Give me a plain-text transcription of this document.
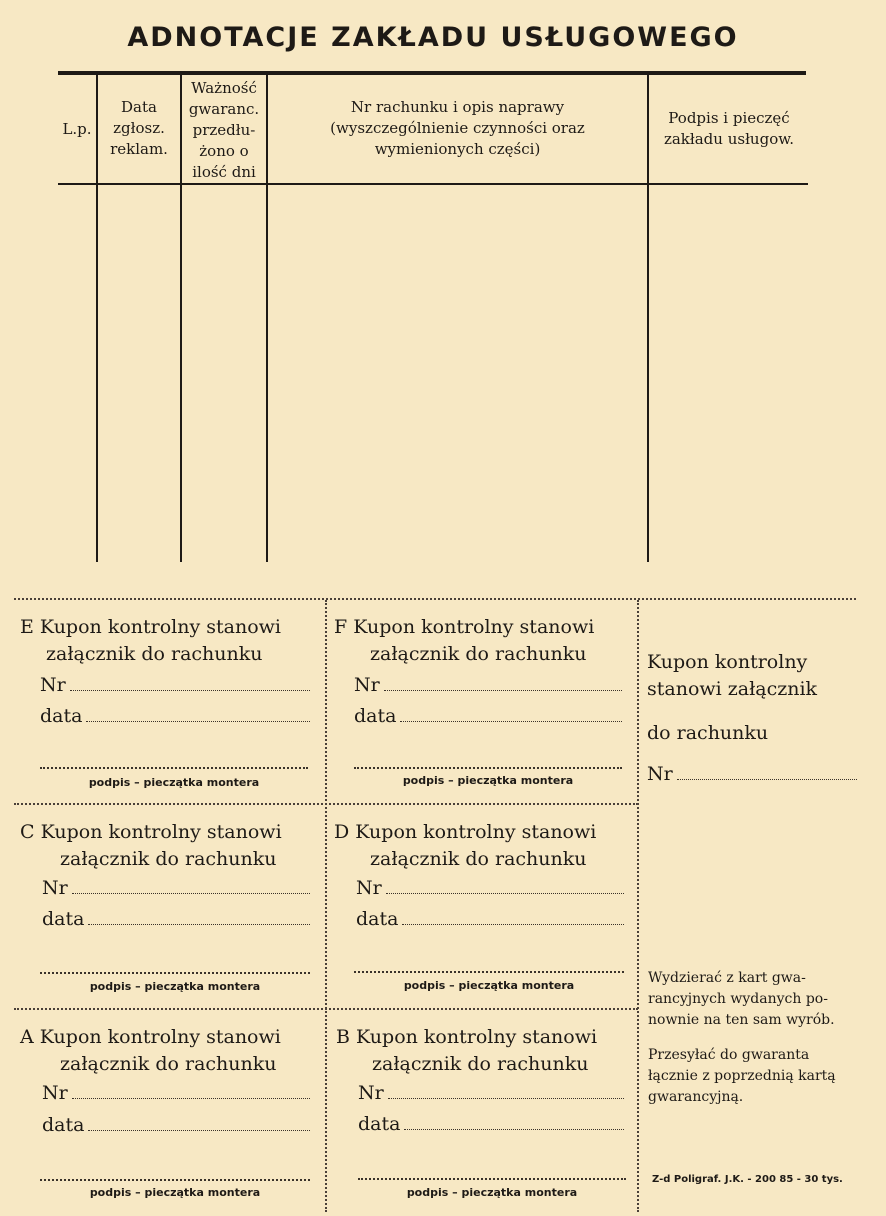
ADNOTACJE ZAKŁADU USŁUGOWEGO
L.p.
Data
zgłosz.
reklam.
Ważność
gwaranc.
przedłu-
żono o
ilość dni
Nr rachunku i opis naprawy
(wyszczególnienie czynności oraz
wymienionych części)
Podpis i pieczęć
zakładu usługow.
E Kupon kontrolny stanowi
załącznik do rachunku
Nr
data
podpis – pieczątka montera
F Kupon kontrolny stanowi
załącznik do rachunku
Nr
data
podpis – pieczątka montera
C Kupon kontrolny stanowi
załącznik do rachunku
Nr
data
podpis – pieczątka montera
D Kupon kontrolny stanowi
załącznik do rachunku
Nr
data
podpis – pieczątka montera
A Kupon kontrolny stanowi
załącznik do rachunku
Nr
data
podpis – pieczątka montera
B Kupon kontrolny stanowi
załącznik do rachunku
Nr
data
podpis – pieczątka montera
Kupon kontrolny
stanowi załącznik
do rachunku
Nr
Wydzierać z kart gwa-
rancyjnych wydanych po-
nownie na ten sam wyrób.
Przesyłać do gwaranta
łącznie z poprzednią kartą
gwarancyjną.
Z-d Poligraf. J.K. - 200 85 - 30 tys.
